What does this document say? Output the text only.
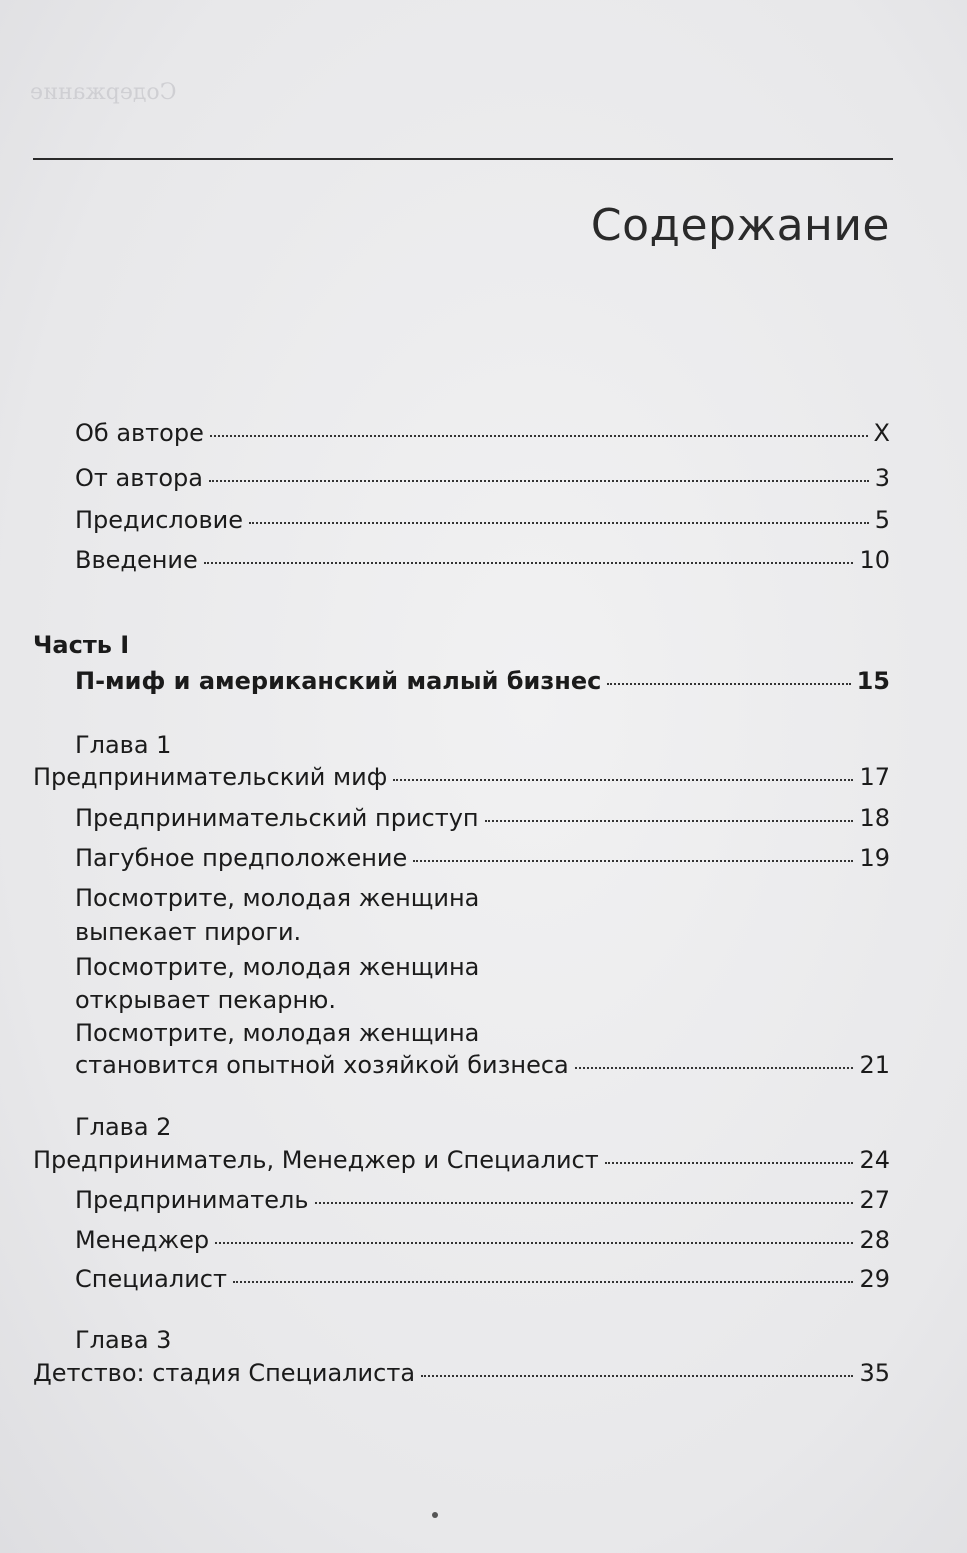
Содержание
Содержание
Об авторе	X
От автора	3
Предисловие	5
Введение	10
Часть I
П-миф и американский малый бизнес	15
Глава 1
Предпринимательский миф	17
Предпринимательский приступ	18
Пагубное предположение	19
Посмотрите, молодая женщина
выпекает пироги.
Посмотрите, молодая женщина
открывает пекарню.
Посмотрите, молодая женщина
становится опытной хозяйкой бизнеса	21
Глава 2
Предприниматель, Менеджер и Специалист	24
Предприниматель	27
Менеджер	28
Специалист	29
Глава 3
Детство: стадия Специалиста	35
